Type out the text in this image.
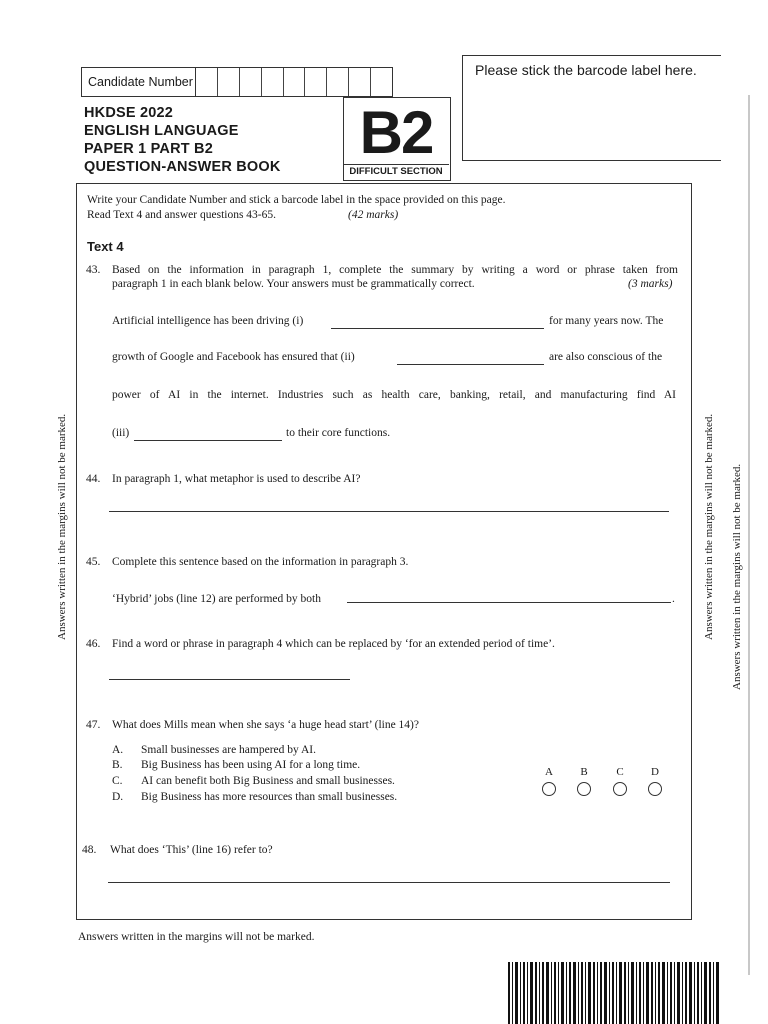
Candidate Number
Please stick the barcode label here.
HKDSE 2022
ENGLISH LANGUAGE
PAPER 1 PART B2
QUESTION-ANSWER BOOK
B2
DIFFICULT SECTION
Write your Candidate Number and stick a barcode label in the space provided on this page.
Read Text 4 and answer questions 43-65.	(42 marks)
Text 4
43. Based on the information in paragraph 1, complete the summary by writing a word or phrase taken from
paragraph 1 in each blank below. Your answers must be grammatically correct.	(3 marks)
Artificial intelligence has been driving (i)	for many years now. The
growth of Google and Facebook has ensured that (ii)	are also conscious of the
power of AI in the internet. Industries such as health care, banking, retail, and manufacturing find AI
(iii)	to their core functions.
44. In paragraph 1, what metaphor is used to describe AI?
45. Complete this sentence based on the information in paragraph 3.
‘Hybrid’ jobs (line 12) are performed by both	.
46. Find a word or phrase in paragraph 4 which can be replaced by ‘for an extended period of time’.
47. What does Mills mean when she says ‘a huge head start’ (line 14)?
A. Small businesses are hampered by AI.
B. Big Business has been using AI for a long time.
C. AI can benefit both Big Business and small businesses.
D. Big Business has more resources than small businesses.
A	B	C	D
48. What does ‘This’ (line 16) refer to?
Answers written in the margins will not be marked.
Answers written in the margins will not be marked.	Answers written in the margins will not be marked. Answers written in the margins will not be marked.
